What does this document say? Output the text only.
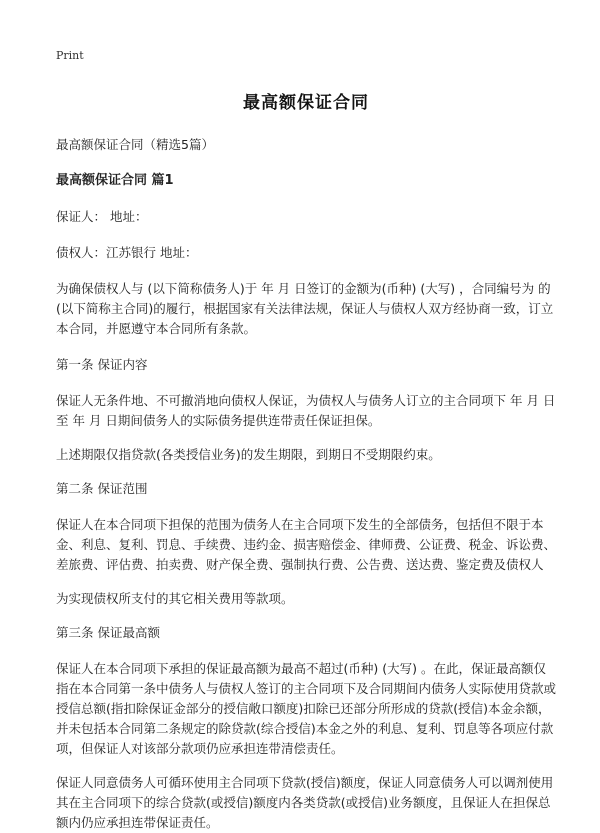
Print
最高额保证合同

最高额保证合同（精选5篇）

最高额保证合同 篇1

保证人： 地址：

债权人：江苏银行 地址：

为确保债权人与 (以下简称债务人)于 年 月 日签订的金额为(币种) (大写) ，合同编号为 的 (以下简称主合同)的履行，根据国家有关法律法规，保证人与债权人双方经协商一致，订立本合同，并愿遵守本合同所有条款。

第一条 保证内容

保证人无条件地、不可撤消地向债权人保证，为债权人与债务人订立的主合同项下 年 月 日至 年 月 日期间债务人的实际债务提供连带责任保证担保。

上述期限仅指贷款(各类授信业务)的发生期限，到期日不受期限约束。

第二条 保证范围

保证人在本合同项下担保的范围为债务人在主合同项下发生的全部债务，包括但不限于本金、利息、复利、罚息、手续费、违约金、损害赔偿金、律师费、公证费、税金、诉讼费、差旅费、评估费、拍卖费、财产保全费、强制执行费、公告费、送达费、鉴定费及债权人

为实现债权所支付的其它相关费用等款项。

第三条 保证最高额

保证人在本合同项下承担的保证最高额为最高不超过(币种) (大写) 。在此，保证最高额仅指在本合同第一条中债务人与债权人签订的主合同项下及合同期间内债务人实际使用贷款或授信总额(指扣除保证金部分的授信敞口额度)扣除已还部分所形成的贷款(授信)本金余额，并未包括本合同第二条规定的除贷款(综合授信)本金之外的利息、复利、罚息等各项应付款项，但保证人对该部分款项仍应承担连带清偿责任。

保证人同意债务人可循环使用主合同项下贷款(授信)额度，保证人同意债务人可以调剂使用其在主合同项下的综合贷款(或授信)额度内各类贷款(或授信)业务额度，且保证人在担保总额内仍应承担连带保证责任。
